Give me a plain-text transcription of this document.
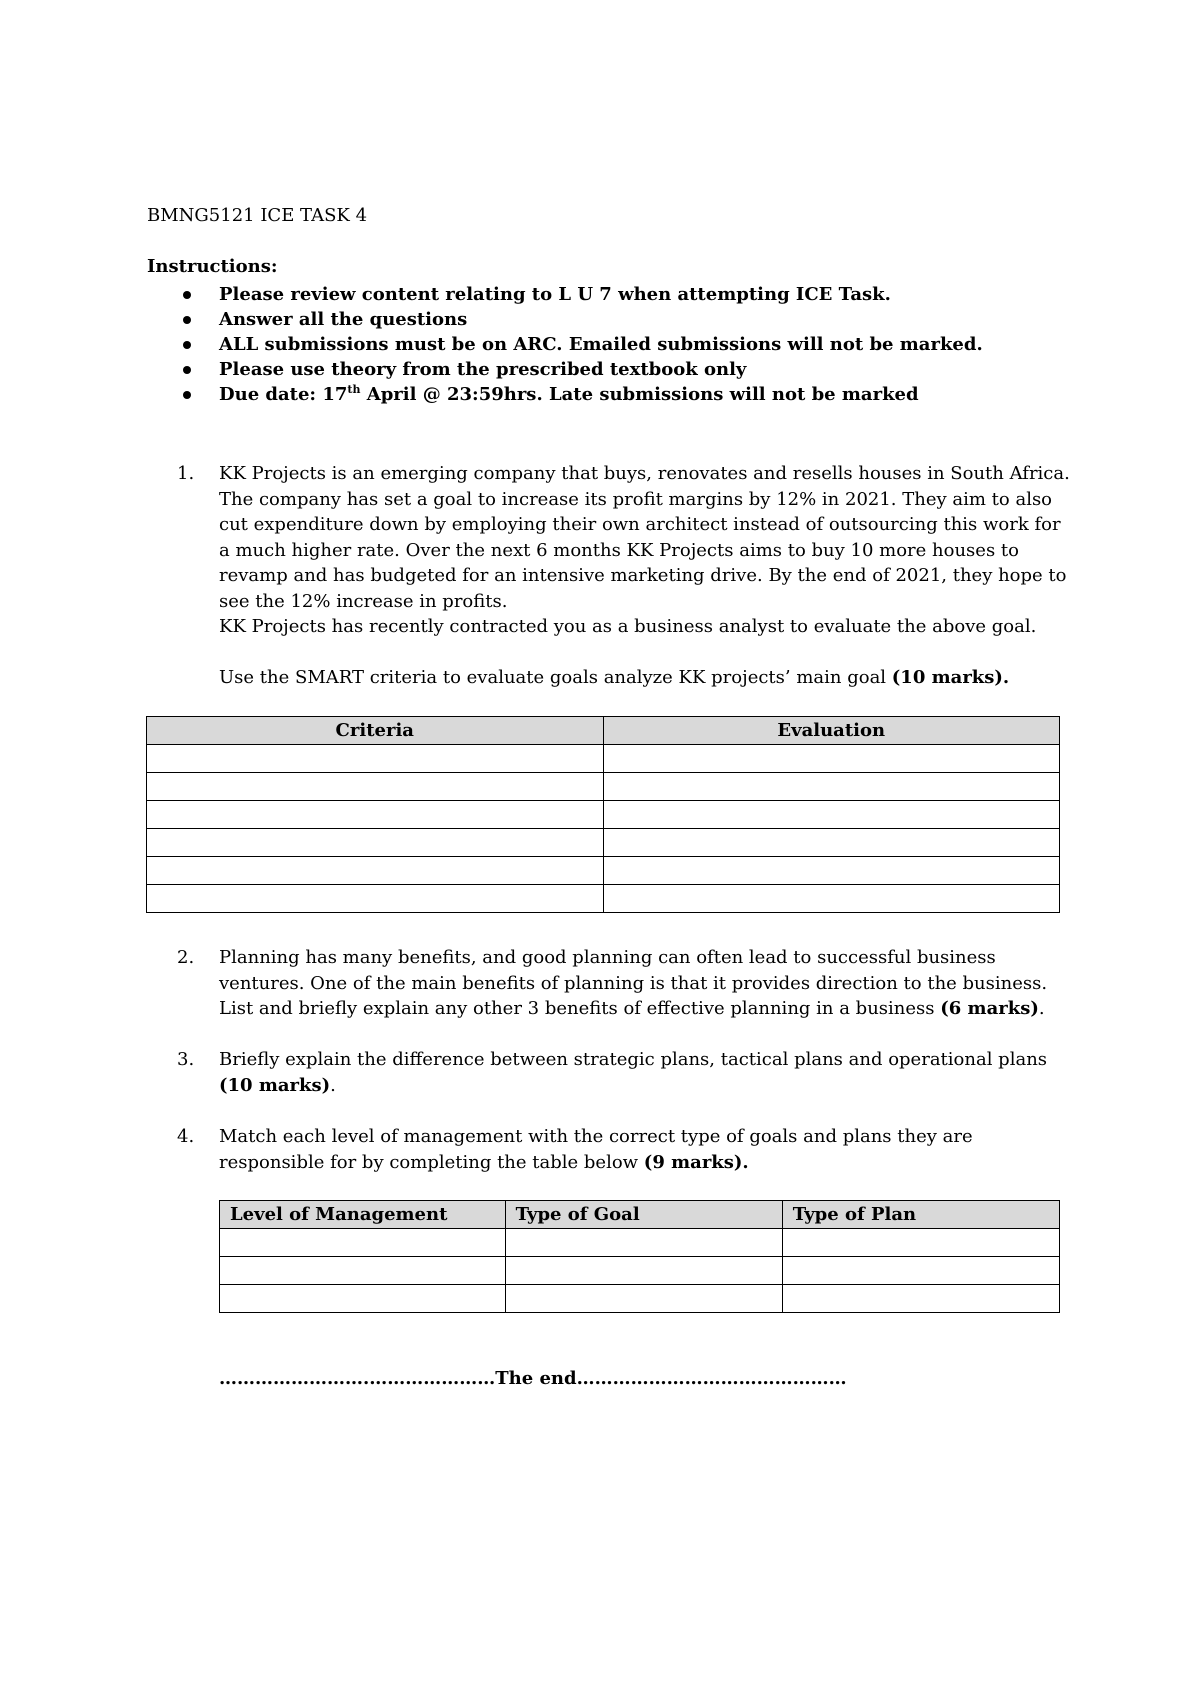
BMNG5121 ICE TASK 4
Instructions:
Please review content relating to L U 7 when attempting ICE Task.
Answer all the questions
ALL submissions must be on ARC. Emailed submissions will not be marked.
Please use theory from the prescribed textbook only
Due date: 17th April @ 23:59hrs. Late submissions will not be marked
1. KK Projects is an emerging company that buys, renovates and resells houses in South Africa. The company has set a goal to increase its profit margins by 12% in 2021. They aim to also cut expenditure down by employing their own architect instead of outsourcing this work for a much higher rate. Over the next 6 months KK Projects aims to buy 10 more houses to revamp and has budgeted for an intensive marketing drive. By the end of 2021, they hope to see the 12% increase in profits.

KK Projects has recently contracted you as a business analyst to evaluate the above goal.

Use the SMART criteria to evaluate goals analyze KK projects’ main goal (10 marks).

Criteria	Evaluation

2. Planning has many benefits, and good planning can often lead to successful business ventures. One of the main benefits of planning is that it provides direction to the business. List and briefly explain any other 3 benefits of effective planning in a business (6 marks).

3. Briefly explain the difference between strategic plans, tactical plans and operational plans (10 marks).

4. Match each level of management with the correct type of goals and plans they are responsible for by completing the table below (9 marks).

Level of Management	Type of Goal	Type of Plan

…………………….…………………The end………………………………………
